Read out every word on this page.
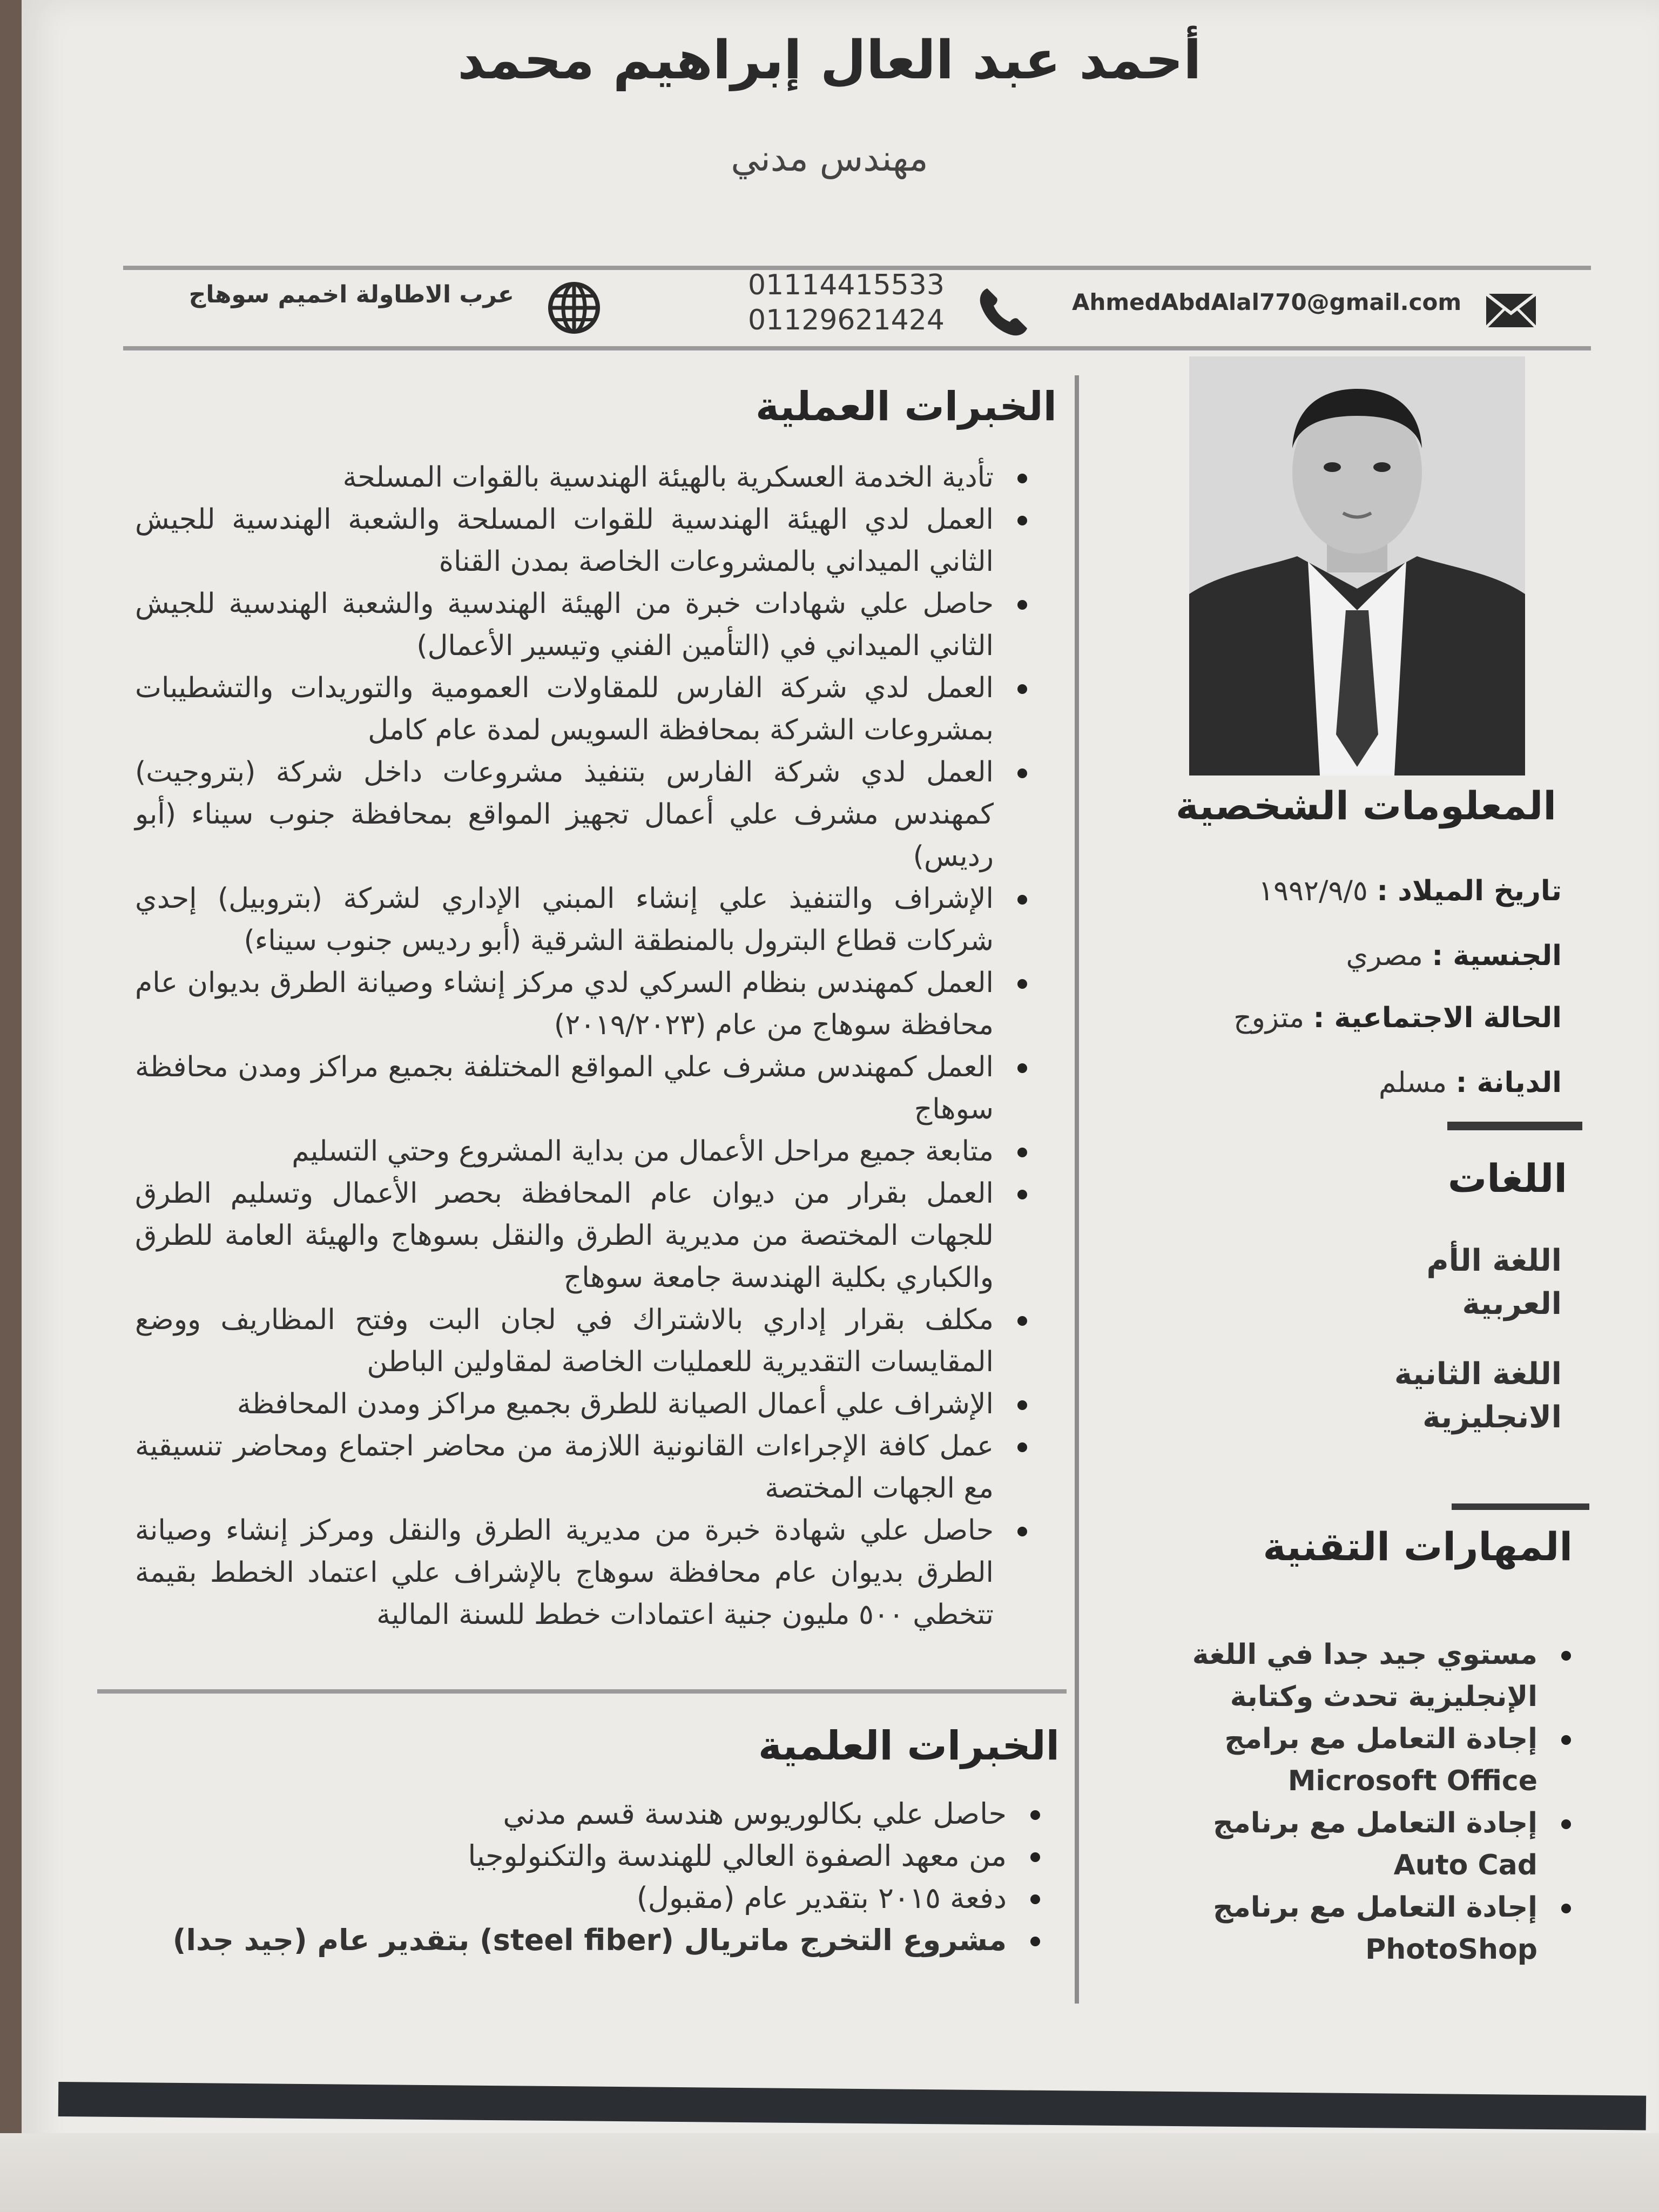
أحمد عبد العال إبراهيم محمد
مهندس مدني
عرب الاطاولة اخميم سوهاج	01114415533
01129621424
AhmedAbdAlal770@gmail.com
الخبرات العملية
تأدية الخدمة العسكرية بالهيئة الهندسية بالقوات المسلحة
العمل لدي الهيئة الهندسية للقوات المسلحة والشعبة الهندسية للجيش الثاني الميداني بالمشروعات الخاصة بمدن القناة
حاصل علي شهادات خبرة من الهيئة الهندسية والشعبة الهندسية للجيش الثاني الميداني في (التأمين الفني وتيسير الأعمال)
العمل لدي شركة الفارس للمقاولات العمومية والتوريدات والتشطيبات بمشروعات الشركة بمحافظة السويس لمدة عام كامل
العمل لدي شركة الفارس بتنفيذ مشروعات داخل شركة (بتروجيت) كمهندس مشرف علي أعمال تجهيز المواقع بمحافظة جنوب سيناء (أبو رديس)
الإشراف والتنفيذ علي إنشاء المبني الإداري لشركة (بتروبيل) إحدي شركات قطاع البترول بالمنطقة الشرقية (أبو رديس جنوب سيناء)
العمل كمهندس بنظام السركي لدي مركز إنشاء وصيانة الطرق بديوان عام محافظة سوهاج من عام (٢٠١٩/٢٠٢٣)
العمل كمهندس مشرف علي المواقع المختلفة بجميع مراكز ومدن محافظة سوهاج
متابعة جميع مراحل الأعمال من بداية المشروع وحتي التسليم
العمل بقرار من ديوان عام المحافظة بحصر الأعمال وتسليم الطرق للجهات المختصة من مديرية الطرق والنقل بسوهاج والهيئة العامة للطرق والكباري بكلية الهندسة جامعة سوهاج
مكلف بقرار إداري بالاشتراك في لجان البت وفتح المظاريف ووضع المقايسات التقديرية للعمليات الخاصة لمقاولين الباطن
الإشراف علي أعمال الصيانة للطرق بجميع مراكز ومدن المحافظة
عمل كافة الإجراءات القانونية اللازمة من محاضر اجتماع ومحاضر تنسيقية مع الجهات المختصة
حاصل علي شهادة خبرة من مديرية الطرق والنقل ومركز إنشاء وصيانة الطرق بديوان عام محافظة سوهاج بالإشراف علي اعتماد الخطط بقيمة تتخطي ٥٠٠ مليون جنية اعتمادات خطط للسنة المالية
الخبرات العلمية
حاصل علي بكالوريوس هندسة قسم مدني
من معهد الصفوة العالي للهندسة والتكنولوجيا
دفعة ٢٠١٥ بتقدير عام (مقبول)
مشروع التخرج ماتريال (steel fiber) بتقدير عام (جيد جدا)
المعلومات الشخصية
تاريخ الميلاد : ١٩٩٢/٩/٥
الجنسية : مصري
الحالة الاجتماعية : متزوج
الديانة : مسلم
اللغات
اللغة الأم
العربية
اللغة الثانية
الانجليزية
المهارات التقنية
مستوي جيد جدا في اللغة الإنجليزية تحدث وكتابة
إجادة التعامل مع برامج Microsoft Office
إجادة التعامل مع برنامج Auto Cad
إجادة التعامل مع برنامج PhotoShop
